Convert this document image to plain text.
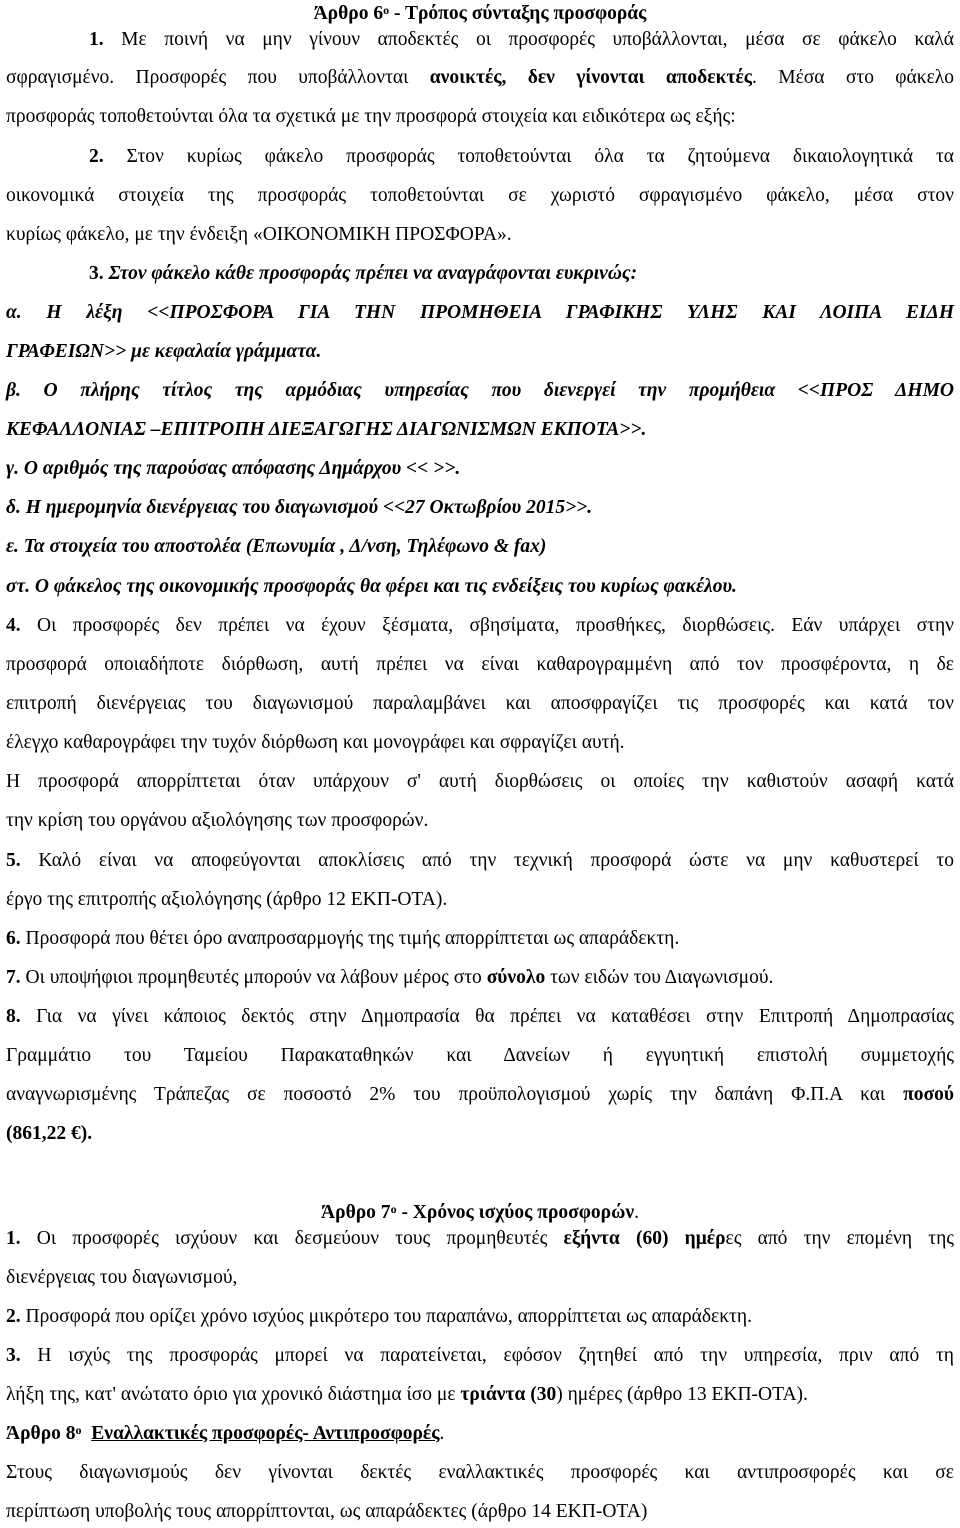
Άρθρο $6^o$ - Τρόπος σύνταξης προσφοράς
1. Με ποινή να μην γίνουν αποδεκτές οι προσφορές υποβάλλονται, μέσα σε φάκελο καλά
σφραγισμένο. Προσφορές που υποβάλλονται ανοικτές, δεν γίνονται αποδεκτές. Μέσα στο φάκελο
προσφοράς τοποθετούνται όλα τα σχετικά με την προσφορά στοιχεία και ειδικότερα ως εξής:
2. Στον κυρίως φάκελο προσφοράς τοποθετούνται όλα τα ζητούμενα δικαιολογητικά τα
οικονομικά στοιχεία της προσφοράς τοποθετούνται σε χωριστό σφραγισμένο φάκελο, μέσα στον
κυρίως φάκελο, με την ένδειξη «ΟΙΚΟΝΟΜΙΚΗ ΠΡΟΣΦΟΡΑ».
3. Στον φάκελο κάθε προσφοράς πρέπει να αναγράφονται ευκρινώς:
α. Η λέξη <<ΠΡΟΣΦΟΡΑ ΓΙΑ ΤΗΝ ΠΡΟΜΗΘΕΙΑ ΓΡΑΦΙΚΗΣ ΥΛΗΣ ΚΑΙ ΛΟΙΠΑ ΕΙΔΗ
ΓΡΑΦΕΙΩΝ>> με κεφαλαία γράμματα.
β. Ο πλήρης τίτλος της αρμόδιας υπηρεσίας που διενεργεί την προμήθεια <<ΠΡΟΣ ΔΗΜΟ
ΚΕΦΑΛΛΟΝΙΑΣ –ΕΠΙΤΡΟΠΗ ΔΙΕΞΑΓΩΓΗΣ ΔΙΑΓΩΝΙΣΜΩΝ ΕΚΠΟΤΑ>>.
γ. Ο αριθμός της παρούσας απόφασης Δημάρχου << >>.
δ. Η ημερομηνία διενέργειας του διαγωνισμού <<27 Οκτωβρίου 2015>>.
ε. Τα στοιχεία του αποστολέα (Επωνυμία , Δ/νση, Τηλέφωνο & fax)
στ. Ο φάκελος της οικονομικής προσφοράς θα φέρει και τις ενδείξεις του κυρίως φακέλου.
4. Οι προσφορές δεν πρέπει να έχουν ξέσματα, σβησίματα, προσθήκες, διορθώσεις. Εάν υπάρχει στην
προσφορά οποιαδήποτε διόρθωση, αυτή πρέπει να είναι καθαρογραμμένη από τον προσφέροντα, η δε
επιτροπή διενέργειας του διαγωνισμού παραλαμβάνει και αποσφραγίζει τις προσφορές και κατά τον
έλεγχο καθαρογράφει την τυχόν διόρθωση και μονογράφει και σφραγίζει αυτή.
Η προσφορά απορρίπτεται όταν υπάρχουν σ' αυτή διορθώσεις οι οποίες την καθιστούν ασαφή κατά
την κρίση του οργάνου αξιολόγησης των προσφορών.
5. Καλό είναι να αποφεύγονται αποκλίσεις από την τεχνική προσφορά ώστε να μην καθυστερεί το
έργο της επιτροπής αξιολόγησης (άρθρο 12 ΕΚΠ-ΟΤΑ).
6. Προσφορά που θέτει όρο αναπροσαρμογής της τιμής απορρίπτεται ως απαράδεκτη.
7. Οι υποψήφιοι προμηθευτές μπορούν να λάβουν μέρος στο σύνολο των ειδών του Διαγωνισμού.
8. Για να γίνει κάποιος δεκτός στην Δημοπρασία θα πρέπει να καταθέσει στην Επιτροπή Δημοπρασίας
Γραμμάτιο του Ταμείου Παρακαταθηκών και Δανείων ή εγγυητική επιστολή συμμετοχής
αναγνωρισμένης Τράπεζας σε ποσοστό 2% του προϋπολογισμού χωρίς την δαπάνη Φ.Π.Α και ποσού
(861,22 €).
Άρθρο $7^o$ - Χρόνος ισχύος προσφορών.
1. Οι προσφορές ισχύουν και δεσμεύουν τους προμηθευτές εξήντα (60) ημέρες από την επομένη της
διενέργειας του διαγωνισμού,
2. Προσφορά που ορίζει χρόνο ισχύος μικρότερο του παραπάνω, απορρίπτεται ως απαράδεκτη.
3. Η ισχύς της προσφοράς μπορεί να παρατείνεται, εφόσον ζητηθεί από την υπηρεσία, πριν από τη
λήξη της, κατ' ανώτατο όριο για χρονικό διάστημα ίσο με τριάντα (30) ημέρες (άρθρο 13 ΕΚΠ-ΟΤΑ).
Άρθρο $8^o$ Εναλλακτικές προσφορές- Αντιπροσφορές.
Στους διαγωνισμούς δεν γίνονται δεκτές εναλλακτικές προσφορές και αντιπροσφορές και σε
περίπτωση υποβολής τους απορρίπτονται, ως απαράδεκτες (άρθρο 14 ΕΚΠ-ΟΤΑ)
